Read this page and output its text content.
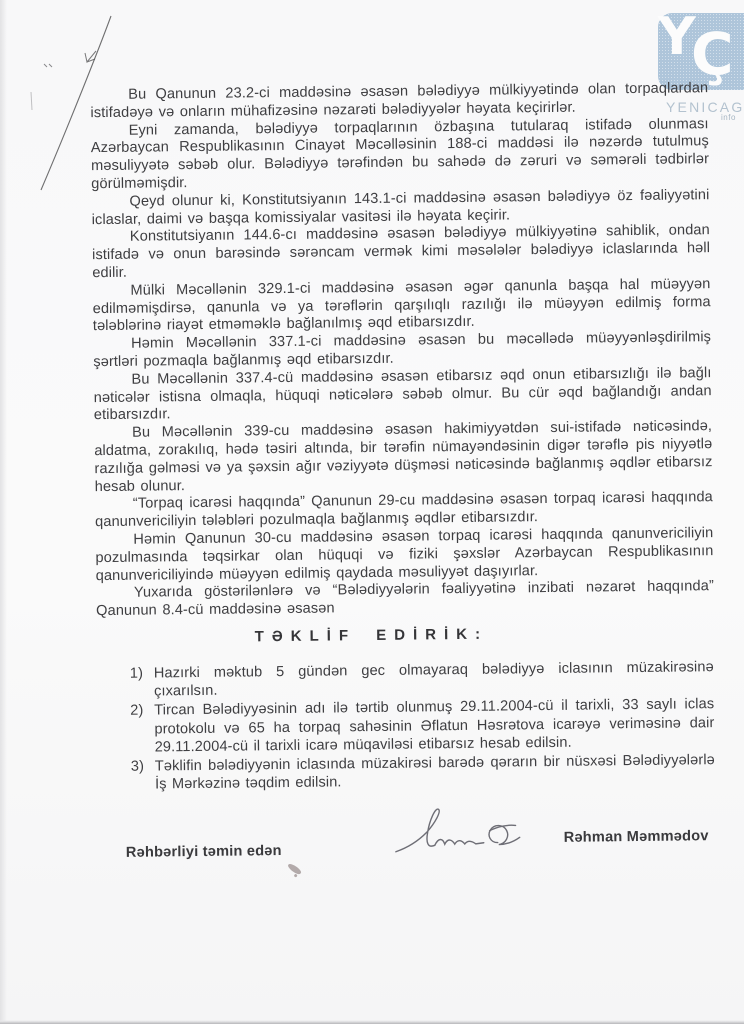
Y
Ç
YENICAG
info

Bu Qanunun 23.2-ci maddəsinə əsasən bələdiyyə mülkiyyətində olan torpaqlardan istifadəyə və onların mühafizəsinə nəzarəti bələdiyyələr həyata keçirirlər.

Eyni zamanda, bələdiyyə torpaqlarının özbaşına tutularaq istifadə olunması Azərbaycan Respublikasının Cinayət Məcəlləsinin 188-ci maddəsi ilə nəzərdə tutulmuş məsuliyyətə səbəb olur. Bələdiyyə tərəfindən bu sahədə də zəruri və səmərəli tədbirlər görülməmişdir.

Qeyd olunur ki, Konstitutsiyanın 143.1-ci maddəsinə əsasən bələdiyyə öz fəaliyyətini iclaslar, daimi və başqa komissiyalar vasitəsi ilə həyata keçirir.

Konstitutsiyanın 144.6-cı maddəsinə əsasən bələdiyyə mülkiyyətinə sahiblik, ondan istifadə və onun barəsində sərəncam vermək kimi məsələlər bələdiyyə iclaslarında həll edilir.

Mülki Məcəllənin 329.1-ci maddəsinə əsasən əgər qanunla başqa hal müəyyən edilməmişdirsə, qanunla və ya tərəflərin qarşılıqlı razılığı ilə müəyyən edilmiş forma tələblərinə riayət etməməklə bağlanılmış əqd etibarsızdır.

Həmin Məcəllənin 337.1-ci maddəsinə əsasən bu məcəllədə müəyyənləşdirilmiş şərtləri pozmaqla bağlanmış əqd etibarsızdır.

Bu Məcəllənin 337.4-cü maddəsinə əsasən etibarsız əqd onun etibarsızlığı ilə bağlı nəticələr istisna olmaqla, hüquqi nəticələrə səbəb olmur. Bu cür əqd bağlandığı andan etibarsızdır.

Bu Məcəllənin 339-cu maddəsinə əsasən hakimiyyətdən sui-istifadə nəticəsində, aldatma, zorakılıq, hədə təsiri altında, bir tərəfin nümayəndəsinin digər tərəflə pis niyyətlə razılığa gəlməsi və ya şəxsin ağır vəziyyətə düşməsi nəticəsində bağlanmış əqdlər etibarsız hesab olunur.

“Torpaq icarəsi haqqında” Qanunun 29-cu maddəsinə əsasən torpaq icarəsi haqqında qanunvericiliyin tələbləri pozulmaqla bağlanmış əqdlər etibarsızdır.

Həmin Qanunun 30-cu maddəsinə əsasən torpaq icarəsi haqqında qanunvericiliyin pozulmasında təqsirkar olan hüquqi və fiziki şəxslər Azərbaycan Respublikasının qanunvericiliyində müəyyən edilmiş qaydada məsuliyyət daşıyırlar.

Yuxarıda göstərilənlərə və “Bələdiyyələrin fəaliyyətinə inzibati nəzarət haqqında” Qanunun 8.4-cü maddəsinə əsasən

TƏKLİF EDİRİK:
1) Hazırki məktub 5 gündən gec olmayaraq bələdiyyə iclasının müzakirəsinə çıxarılsın.
2) Tircan Bələdiyyəsinin adı ilə tərtib olunmuş 29.11.2004-cü il tarixli, 33 saylı iclas protokolu və 65 ha torpaq sahəsinin Əflatun Həsrətova icarəyə veriməsinə dair 29.11.2004-cü il tarixli icarə müqaviləsi etibarsız hesab edilsin.
3) Təklifin bələdiyyənin iclasında müzakirəsi barədə qərarın bir nüsxəsi Bələdiyyələrlə İş Mərkəzinə təqdim edilsin.
Rəhbərliyi təmin edən
Rəhman Məmmədov
